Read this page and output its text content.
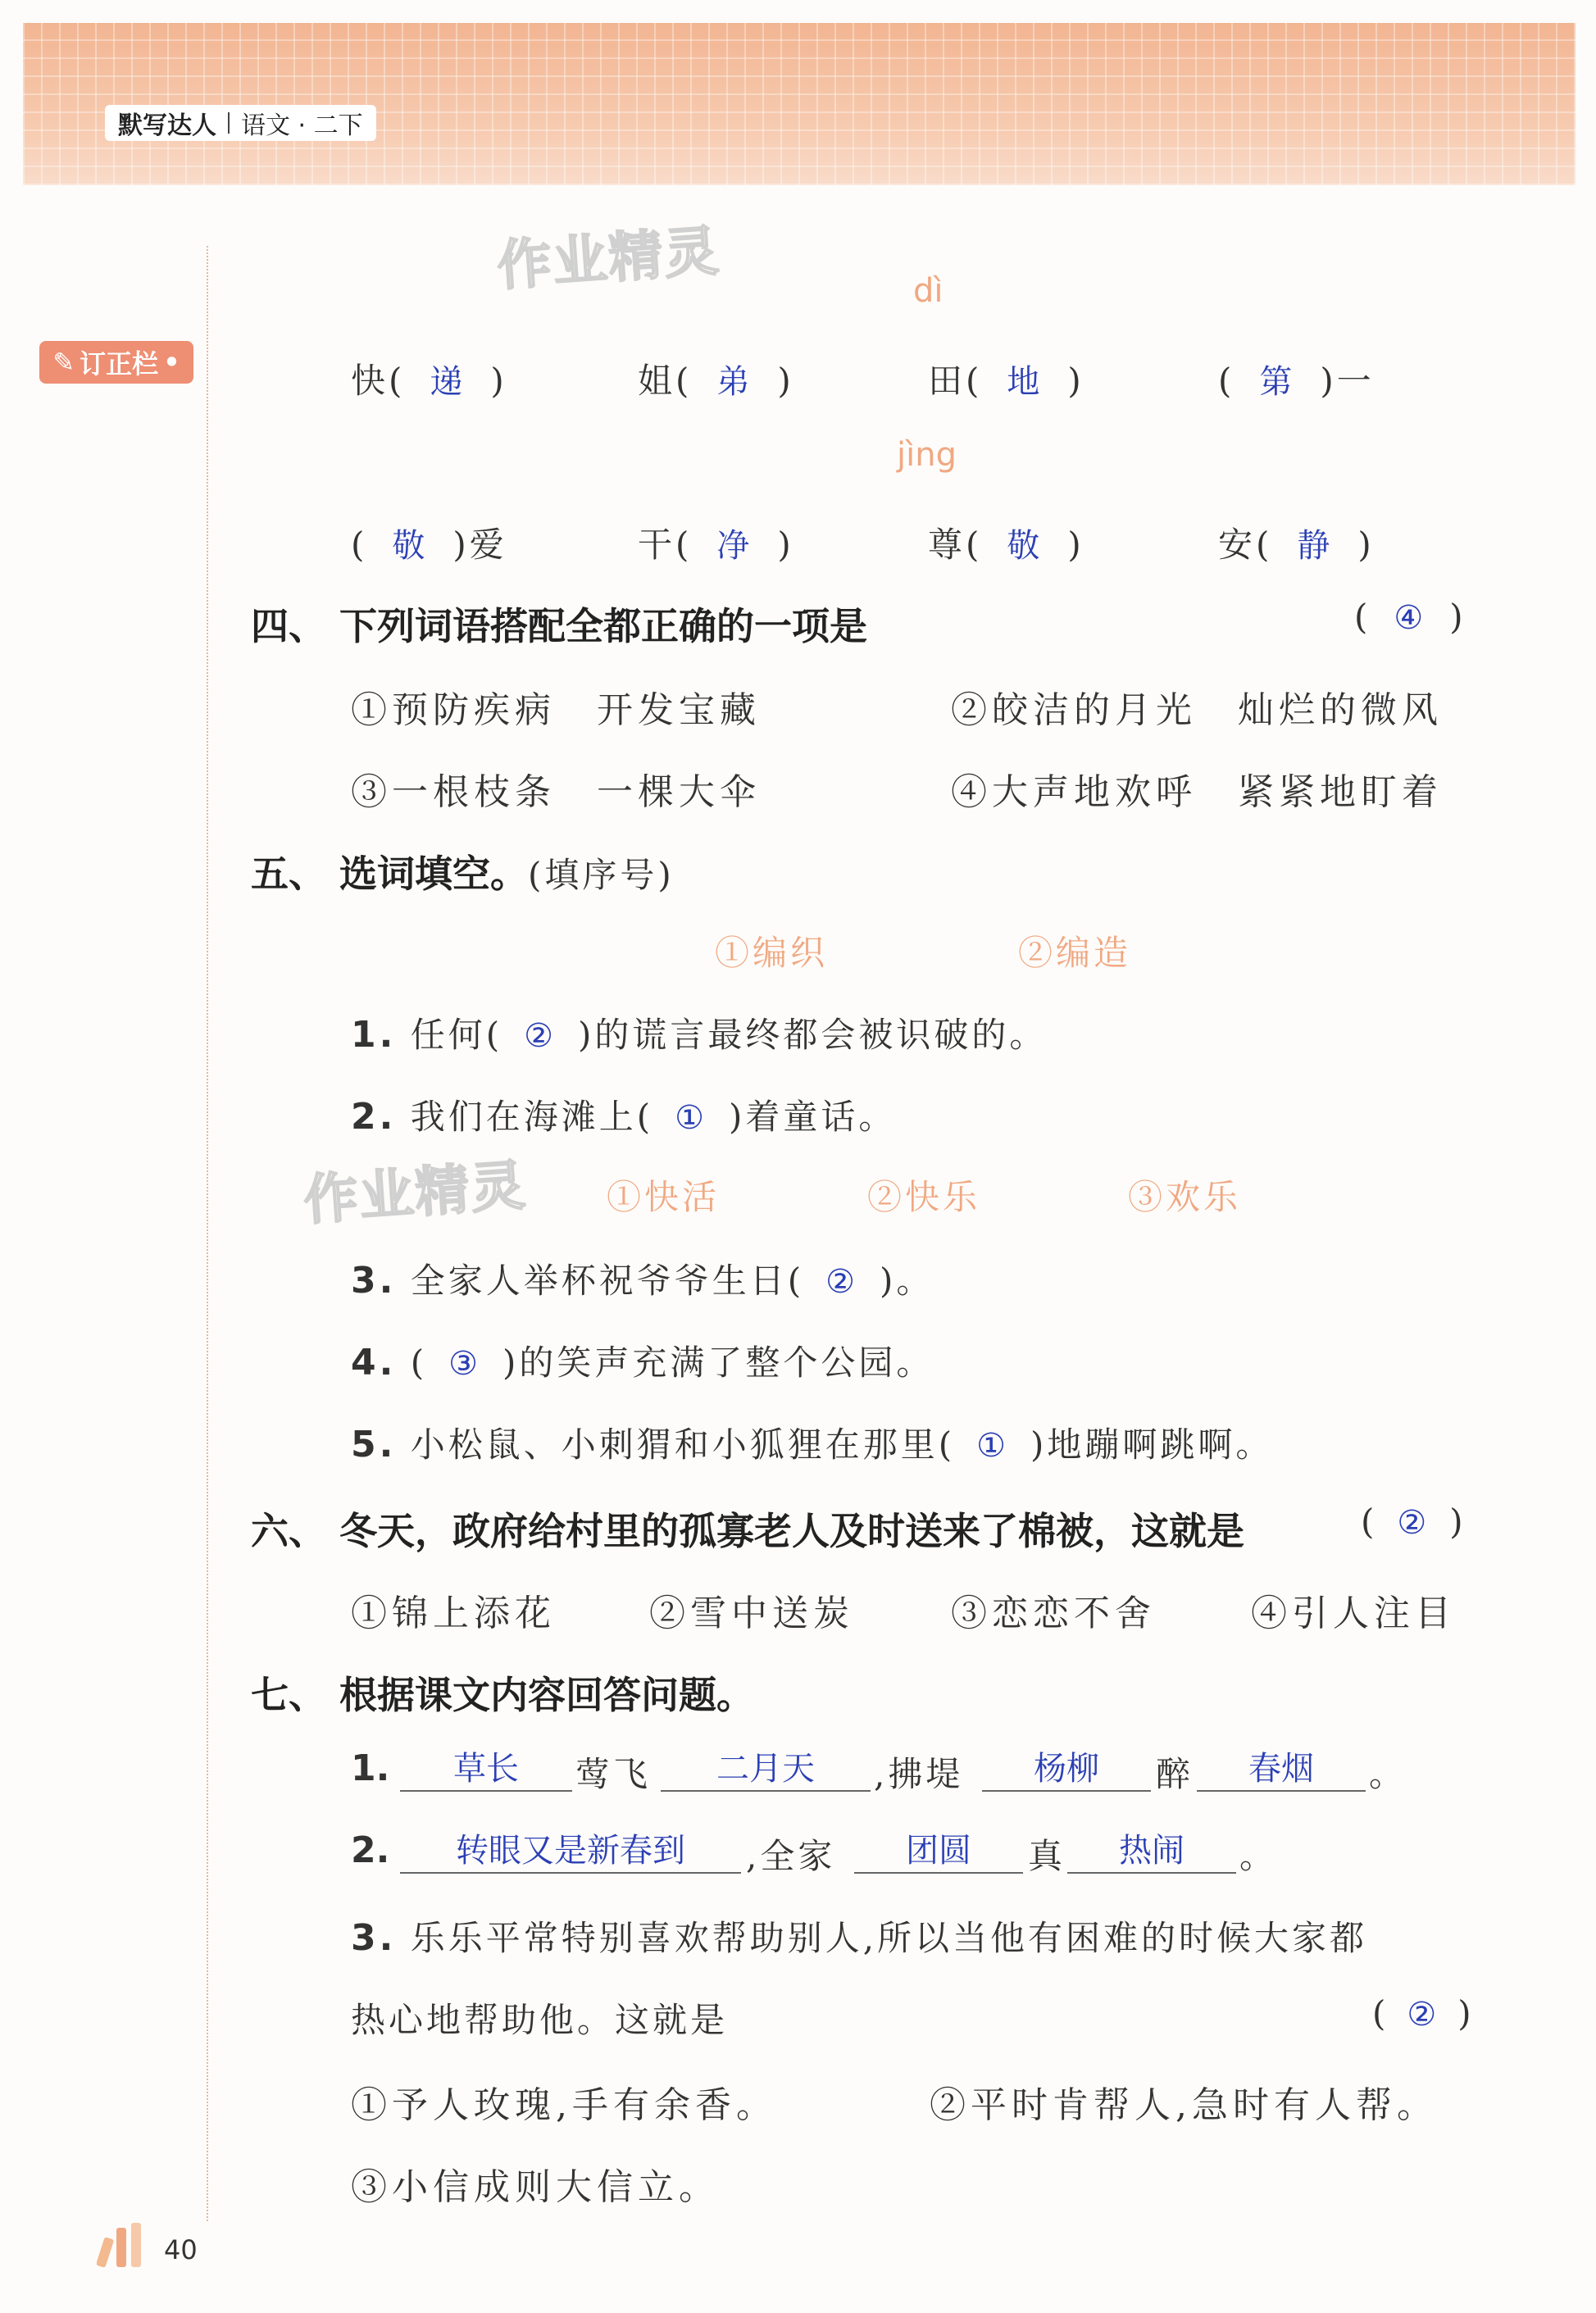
默写达人 语文 · 二下
✎ 订正栏 •
作业精灵
作业精灵
dì
快( 递 )	姐( 弟 )	田( 地 )	( 第 )一
jìng
( 敬 )爱	干( 净 )	尊( 敬 )	安( 静 )
四、 下列词语搭配全都正确的一项是	( ④ )
①预防疾病　开发宝藏	②皎洁的月光　灿烂的微风
③一根枝条　一棵大伞	④大声地欢呼　紧紧地盯着
五、 选词填空。(填序号)
①编织	②编造
1. 任何( ② )的谎言最终都会被识破的。
2. 我们在海滩上( ① )着童话。
①快活	②快乐	③欢乐
3. 全家人举杯祝爷爷生日( ② )。
4. ( ③ )的笑声充满了整个公园。
5. 小松鼠、小刺猬和小狐狸在那里( ① )地蹦啊跳啊。
六、 冬天，政府给村里的孤寡老人及时送来了棉被，这就是	( ② )
①锦上添花	②雪中送炭	③恋恋不舍	④引人注目
七、 根据课文内容回答问题。
1.	草长	莺飞	二月天	,拂堤	杨柳	醉	春烟	。
2.	转眼又是新春到	,全家	团圆	真	热闹	。
3. 乐乐平常特别喜欢帮助别人,所以当他有困难的时候大家都
热心地帮助他。这就是	( ② )
①予人玫瑰,手有余香。	②平时肯帮人,急时有人帮。
③小信成则大信立。
40
